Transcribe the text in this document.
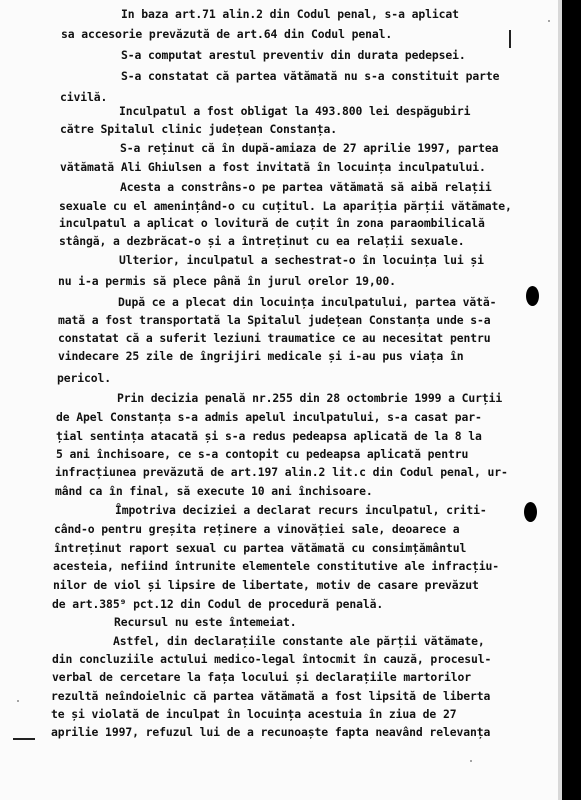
In baza art.71 alin.2 din Codul penal, s-a aplicat
sa accesorie prevăzută de art.64 din Codul penal.
S-a computat arestul preventiv din durata pedepsei.
S-a constatat că partea vătămată nu s-a constituit parte
civilă.
Inculpatul a fost obligat la 493.800 lei despăgubiri
către Spitalul clinic județean Constanța.
S-a reținut că în după-amiaza de 27 aprilie 1997, partea
vătămată Ali Ghiulsen a fost invitată în locuința inculpatului.
Acesta a constrâns-o pe partea vătămată să aibă relații
sexuale cu el amenințând-o cu cuțitul. La apariția părții vătămate,
inculpatul a aplicat o lovitură de cuțit în zona paraombilicală
stângă, a dezbrăcat-o și a întreținut cu ea relații sexuale.
Ulterior, inculpatul a sechestrat-o în locuința lui și
nu i-a permis să plece până în jurul orelor 19,00.
După ce a plecat din locuința inculpatului, partea vătă-
mată a fost transportată la Spitalul județean Constanța unde s-a
constatat că a suferit leziuni traumatice ce au necesitat pentru
vindecare 25 zile de îngrijiri medicale și i-au pus viața în
pericol.
Prin decizia penală nr.255 din 28 octombrie 1999 a Curții
de Apel Constanța s-a admis apelul inculpatului, s-a casat par-
țial sentința atacată și s-a redus pedeapsa aplicată de la 8 la
5 ani închisoare, ce s-a contopit cu pedeapsa aplicată pentru
infracțiunea prevăzută de art.197 alin.2 lit.c din Codul penal, ur-
mând ca în final, să execute 10 ani închisoare.
Împotriva deciziei a declarat recurs inculpatul, criti-
când-o pentru greșita reținere a vinovăției sale, deoarece a
întreținut raport sexual cu partea vătămată cu consimțământul
acesteia, nefiind întrunite elementele constitutive ale infracțiu-
nilor de viol și lipsire de libertate, motiv de casare prevăzut
de art.385⁹ pct.12 din Codul de procedură penală.
Recursul nu este întemeiat.
Astfel, din declarațiile constante ale părții vătămate,
din concluziile actului medico-legal întocmit în cauză, procesul-
verbal de cercetare la fața locului și declarațiile martorilor
rezultă neîndoielnic că partea vătămată a fost lipsită de liberta
te și violată de inculpat în locuința acestuia în ziua de 27
aprilie 1997, refuzul lui de a recunoaște fapta neavând relevanța
